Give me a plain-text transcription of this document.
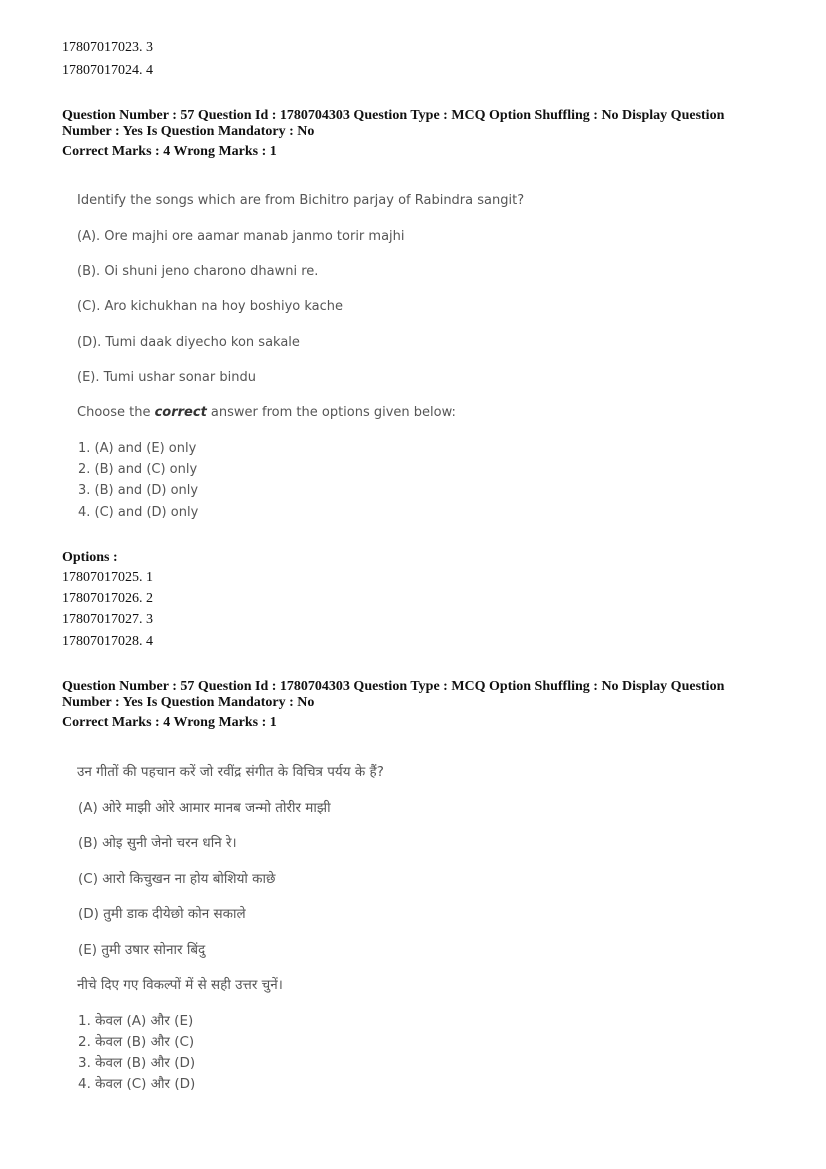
17807017023. 3
17807017024. 4
Question Number : 57 Question Id : 1780704303 Question Type : MCQ Option Shuffling : No Display Question
Number : Yes Is Question Mandatory : No
Correct Marks : 4 Wrong Marks : 1
Identify the songs which are from Bichitro parjay of Rabindra sangit?
(A). Ore majhi ore aamar manab janmo torir majhi
(B). Oi shuni jeno charono dhawni re.
(C). Aro kichukhan na hoy boshiyo kache
(D). Tumi daak diyecho kon sakale
(E). Tumi ushar sonar bindu
Choose the correct answer from the options given below:
1. (A) and (E) only
2. (B) and (C) only
3. (B) and (D) only
4. (C) and (D) only
Options :
17807017025. 1
17807017026. 2
17807017027. 3
17807017028. 4
Question Number : 57 Question Id : 1780704303 Question Type : MCQ Option Shuffling : No Display Question
Number : Yes Is Question Mandatory : No
Correct Marks : 4 Wrong Marks : 1
उन गीतों की पहचान करें जो रवींद्र संगीत के विचित्र पर्यय के हैं?
(A) ओरे माझी ओरे आमार मानब जन्मो तोरीर माझी
(B) ओइ सुनी जेनो चरन धनि रे।
(C) आरो किचुखन ना होय बोशियो काछे
(D) तुमी डाक दीयेछो कोन सकाले
(E) तुमी उषार सोनार बिंदु
नीचे दिए गए विकल्पों में से सही उत्तर चुनें।
1. केवल (A) और (E)
2. केवल (B) और (C)
3. केवल (B) और (D)
4. केवल (C) और (D)
